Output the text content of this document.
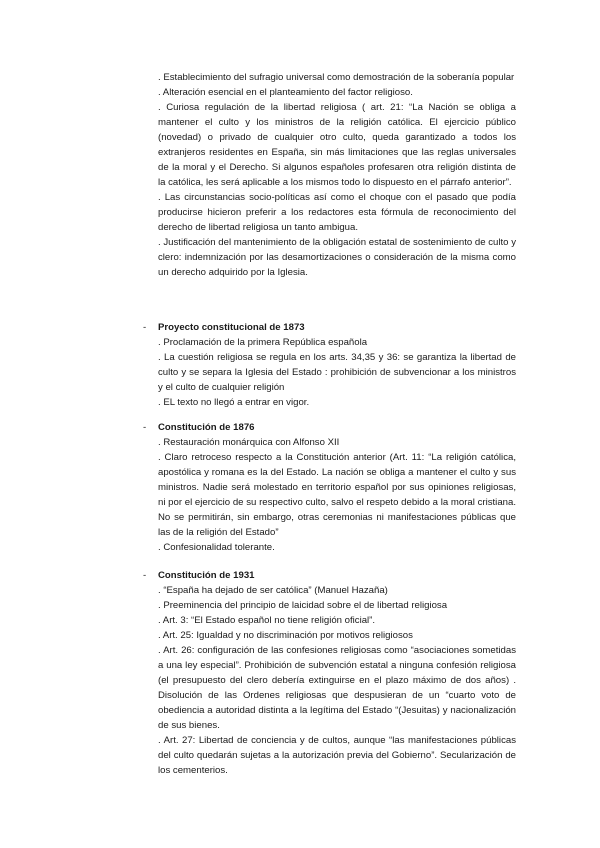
. Establecimiento del sufragio universal como demostración de la soberanía popular

. Alteración esencial en el planteamiento del factor religioso.

. Curiosa regulación de la libertad religiosa ( art. 21: “La Nación se obliga a mantener el culto y los ministros de la religión católica. El ejercicio público (novedad) o privado de cualquier otro culto, queda garantizado a todos los extranjeros residentes en España, sin más limitaciones que las reglas universales de la moral y el Derecho. Si algunos españoles profesaren otra religión distinta de la católica, les será aplicable a los mismos todo lo dispuesto en el párrafo anterior”.

. Las circunstancias socio-políticas así como el choque con el pasado que podía producirse hicieron preferir a los redactores esta fórmula de reconocimiento del derecho de libertad religiosa un tanto ambigua.

. Justificación del mantenimiento de la obligación estatal de sostenimiento de culto y clero: indemnización por las desamortizaciones o consideración de la misma como un derecho adquirido por la Iglesia.

- Proyecto constitucional de 1873

. Proclamación de la primera República española

. La cuestión religiosa se regula en los arts. 34,35 y 36: se garantiza la libertad de culto y se separa la Iglesia del Estado : prohibición de subvencionar a los ministros y el culto de cualquier religión

. EL texto no llegó a entrar en vigor.

- Constitución de 1876

. Restauración monárquica con Alfonso XII

. Claro retroceso respecto a la Constitución anterior (Art. 11: “La religión católica, apostólica y romana es la del Estado. La nación se obliga a mantener el culto y sus ministros. Nadie será molestado en territorio español por sus opiniones religiosas, ni por el ejercicio de su respectivo culto, salvo el respeto debido a la moral cristiana. No se permitirán, sin embargo, otras ceremonias ni manifestaciones públicas que las de la religión del Estado”

. Confesionalidad tolerante.

- Constitución de 1931

. “España ha dejado de ser católica” (Manuel Hazaña)

. Preeminencia del principio de laicidad sobre el de libertad religiosa

. Art. 3: “El Estado español no tiene religión oficial”.

. Art. 25: Igualdad y no discriminación por motivos religiosos

. Art. 26: configuración de las confesiones religiosas como “asociaciones sometidas a una ley especial”. Prohibición de subvención estatal a ninguna confesión religiosa (el presupuesto del clero debería extinguirse en el plazo máximo de dos años) . Disolución de las Ordenes religiosas que despusieran de un “cuarto voto de obediencia a autoridad distinta a la legítima del Estado “(Jesuitas) y nacionalización de sus bienes.

. Art. 27: Libertad de conciencia y de cultos, aunque “las manifestaciones públicas del culto quedarán sujetas a la autorización previa del Gobierno”. Secularización de los cementerios.
